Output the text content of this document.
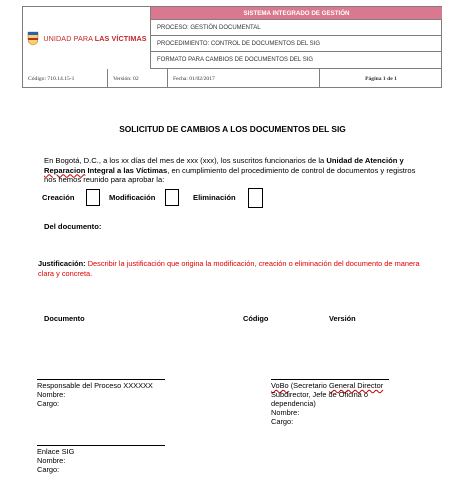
UNIDAD PARA LAS VÍCTIMAS
SISTEMA INTEGRADO DE GESTIÓN
PROCESO: GESTIÓN DOCUMENTAL
PROCEDIMIENTO: CONTROL DE DOCUMENTOS DEL SIG
FORMATO PARA CAMBIOS DE DOCUMENTOS DEL SIG
Código: 710.14.15-1	Versión: 02	Fecha: 01/02/2017	Página 1 de 1
SOLICITUD DE CAMBIOS A LOS DOCUMENTOS DEL SIG
En Bogotá, D.C., a los xx días del mes de xxx (xxx), los suscritos funcionarios de la Unidad de Atención y Reparacion Integral a las Víctimas, en cumplimiento del procedimiento de control de documentos y registros nos hemos reunido para aprobar la:
Creación	Modificación	Eliminación
Del documento:
Justificación: Describir la justificación que origina la modificación, creación o eliminación del documento de manera clara y concreta.
Documento	Código	Versión
Responsable del Proceso XXXXXX
Nombre:
Cargo:
VoBo (Secretario General Director Subdirector, Jefe de Oficina o dependencia)
Nombre:
Cargo:
Enlace SIG
Nombre:
Cargo:
